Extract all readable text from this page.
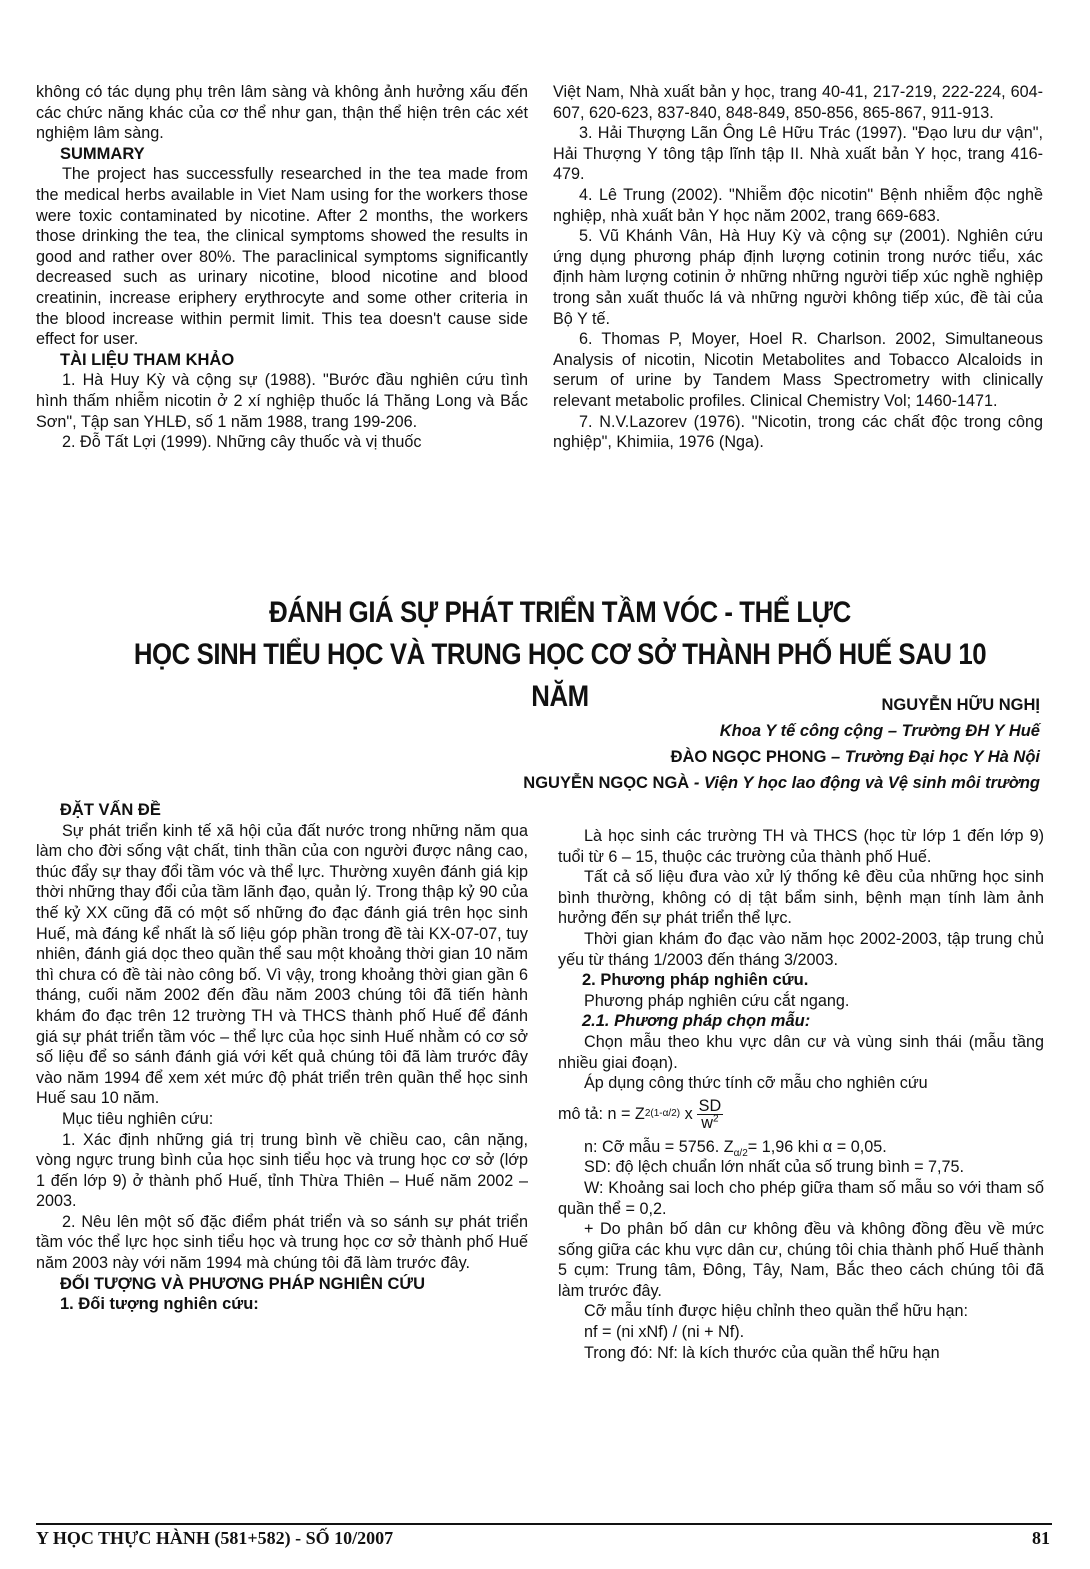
không có tác dụng phụ trên lâm sàng và không ảnh hưởng xấu đến các chức năng khác của cơ thể như gan, thận thể hiện trên các xét nghiệm lâm sàng.

SUMMARY

The project has successfully researched in the tea made from the medical herbs available in Viet Nam using for the workers those were toxic contaminated by nicotine. After 2 months, the workers those drinking the tea, the clinical symptoms showed the results in good and rather over 80%. The paraclinical symptoms significantly decreased such as urinary nicotine, blood nicotine and blood creatinin, increase eriphery erythrocyte and some other criteria in the blood increase within permit limit. This tea doesn't cause side effect for user.

TÀI LIỆU THAM KHẢO

1. Hà Huy Kỳ và cộng sự (1988). "Bước đầu nghiên cứu tình hình thấm nhiễm nicotin ở 2 xí nghiệp thuốc lá Thăng Long và Bắc Sơn", Tập san YHLĐ, số 1 năm 1988, trang 199-206.

2. Đỗ Tất Lợi (1999). Những cây thuốc và vị thuốc

Việt Nam, Nhà xuất bản y học, trang 40-41, 217-219, 222-224, 604-607, 620-623, 837-840, 848-849, 850-856, 865-867, 911-913.

3. Hải Thượng Lãn Ông Lê Hữu Trác (1997). "Đạo lưu dư vận", Hải Thượng Y tông tập lĩnh tập II. Nhà xuất bản Y học, trang 416-479.

4. Lê Trung (2002). "Nhiễm độc nicotin" Bệnh nhiễm độc nghề nghiệp, nhà xuất bản Y học năm 2002, trang 669-683.

5. Vũ Khánh Vân, Hà Huy Kỳ và cộng sự (2001). Nghiên cứu ứng dụng phương pháp định lượng cotinin trong nước tiểu, xác định hàm lượng cotinin ở những những người tiếp xúc nghề nghiệp trong sản xuất thuốc lá và những người không tiếp xúc, đề tài của Bộ Y tế.

6. Thomas P, Moyer, Hoel R. Charlson. 2002, Simultaneous Analysis of nicotin, Nicotin Metabolites and Tobacco Alcaloids in serum of urine by Tandem Mass Spectrometry with clinically relevant metabolic profiles. Clinical Chemistry Vol; 1460-1471.

7. N.V.Lazorev (1976). "Nicotin, trong các chất độc trong công nghiệp", Khimiia, 1976 (Nga).

ĐÁNH GIÁ SỰ PHÁT TRIỂN TẦM VÓC - THỂ LỰC
HỌC SINH TIỂU HỌC VÀ TRUNG HỌC CƠ SỞ THÀNH PHỐ HUẾ SAU 10 NĂM	NGUYỄN HỮU NGHỊ
Khoa Y tế công cộng – Trường ĐH Y Huế
ĐÀO NGỌC PHONG – Trường Đại học Y Hà Nội
NGUYỄN NGỌC NGÀ - Viện Y học lao động và Vệ sinh môi trường

ĐẶT VẤN ĐỀ

Sự phát triển kinh tế xã hội của đất nước trong những năm qua làm cho đời sống vật chất, tinh thần của con người được nâng cao, thúc đẩy sự thay đổi tầm vóc và thể lực. Thường xuyên đánh giá kịp thời những thay đổi của tầm lãnh đạo, quản lý. Trong thập kỷ 90 của thế kỷ XX cũng đã có một số những đo đạc đánh giá trên học sinh Huế, mà đáng kể nhất là số liệu góp phần trong đề tài KX-07-07, tuy nhiên, đánh giá dọc theo quần thể sau một khoảng thời gian 10 năm thì chưa có đề tài nào công bố. Vì vậy, trong khoảng thời gian gần 6 tháng, cuối năm 2002 đến đầu năm 2003 chúng tôi đã tiến hành khám đo đạc trên 12 trường TH và THCS thành phố Huế để đánh giá sự phát triển tầm vóc – thể lực của học sinh Huế nhằm có cơ sở số liệu để so sánh đánh giá với kết quả chúng tôi đã làm trước đây vào năm 1994 để xem xét mức độ phát triển trên quần thể học sinh Huế sau 10 năm.

Mục tiêu nghiên cứu:

1. Xác định những giá trị trung bình về chiều cao, cân nặng, vòng ngực trung bình của học sinh tiểu học và trung học cơ sở (lớp 1 đến lớp 9) ở thành phố Huế, tỉnh Thừa Thiên – Huế năm 2002 – 2003.

2. Nêu lên một số đặc điểm phát triển và so sánh sự phát triển tầm vóc thể lực học sinh tiểu học và trung học cơ sở thành phố Huế năm 2003 này với năm 1994 mà chúng tôi đã làm trước đây.

ĐỐI TƯỢNG VÀ PHƯƠNG PHÁP NGHIÊN CỨU

1. Đối tượng nghiên cứu:

Là học sinh các trường TH và THCS (học từ lớp 1 đến lớp 9) tuổi từ 6 – 15, thuộc các trường của thành phố Huế.

Tất cả số liệu đưa vào xử lý thống kê đều của những học sinh bình thường, không có dị tật bẩm sinh, bệnh mạn tính làm ảnh hưởng đến sự phát triển thể lực.

Thời gian khám đo đạc vào năm học 2002-2003, tập trung chủ yếu từ tháng 1/2003 đến tháng 3/2003.

2. Phương pháp nghiên cứu.

Phương pháp nghiên cứu cắt ngang.

2.1. Phương pháp chọn mẫu:

Chọn mẫu theo khu vực dân cư và vùng sinh thái (mẫu tầng nhiều giai đoạn).

Áp dụng công thức tính cỡ mẫu cho nghiên cứu

mô tả: n = Z 2 (1-α/2)
x $\frac{SD}{w^2}$

n: Cỡ mẫu = 5756. $Z_{\alpha/2}= 1,96$ khi α = 0,05.

SD: độ lệch chuẩn lớn nhất của số trung bình = 7,75.

W: Khoảng sai loch cho phép giữa tham số mẫu so với tham số quần thể = 0,2.

+ Do phân bố dân cư không đều và không đồng đều về mức sống giữa các khu vực dân cư, chúng tôi chia thành phố Huế thành 5 cụm: Trung tâm, Đông, Tây, Nam, Bắc theo cách chúng tôi đã làm trước đây.

Cỡ mẫu tính được hiệu chỉnh theo quần thể hữu hạn:

nf = (ni xNf) / (ni + Nf).

Trong đó: Nf: là kích thước của quần thể hữu hạn

Y HỌC THỰC HÀNH (581+582) - SỐ 10/2007	81
